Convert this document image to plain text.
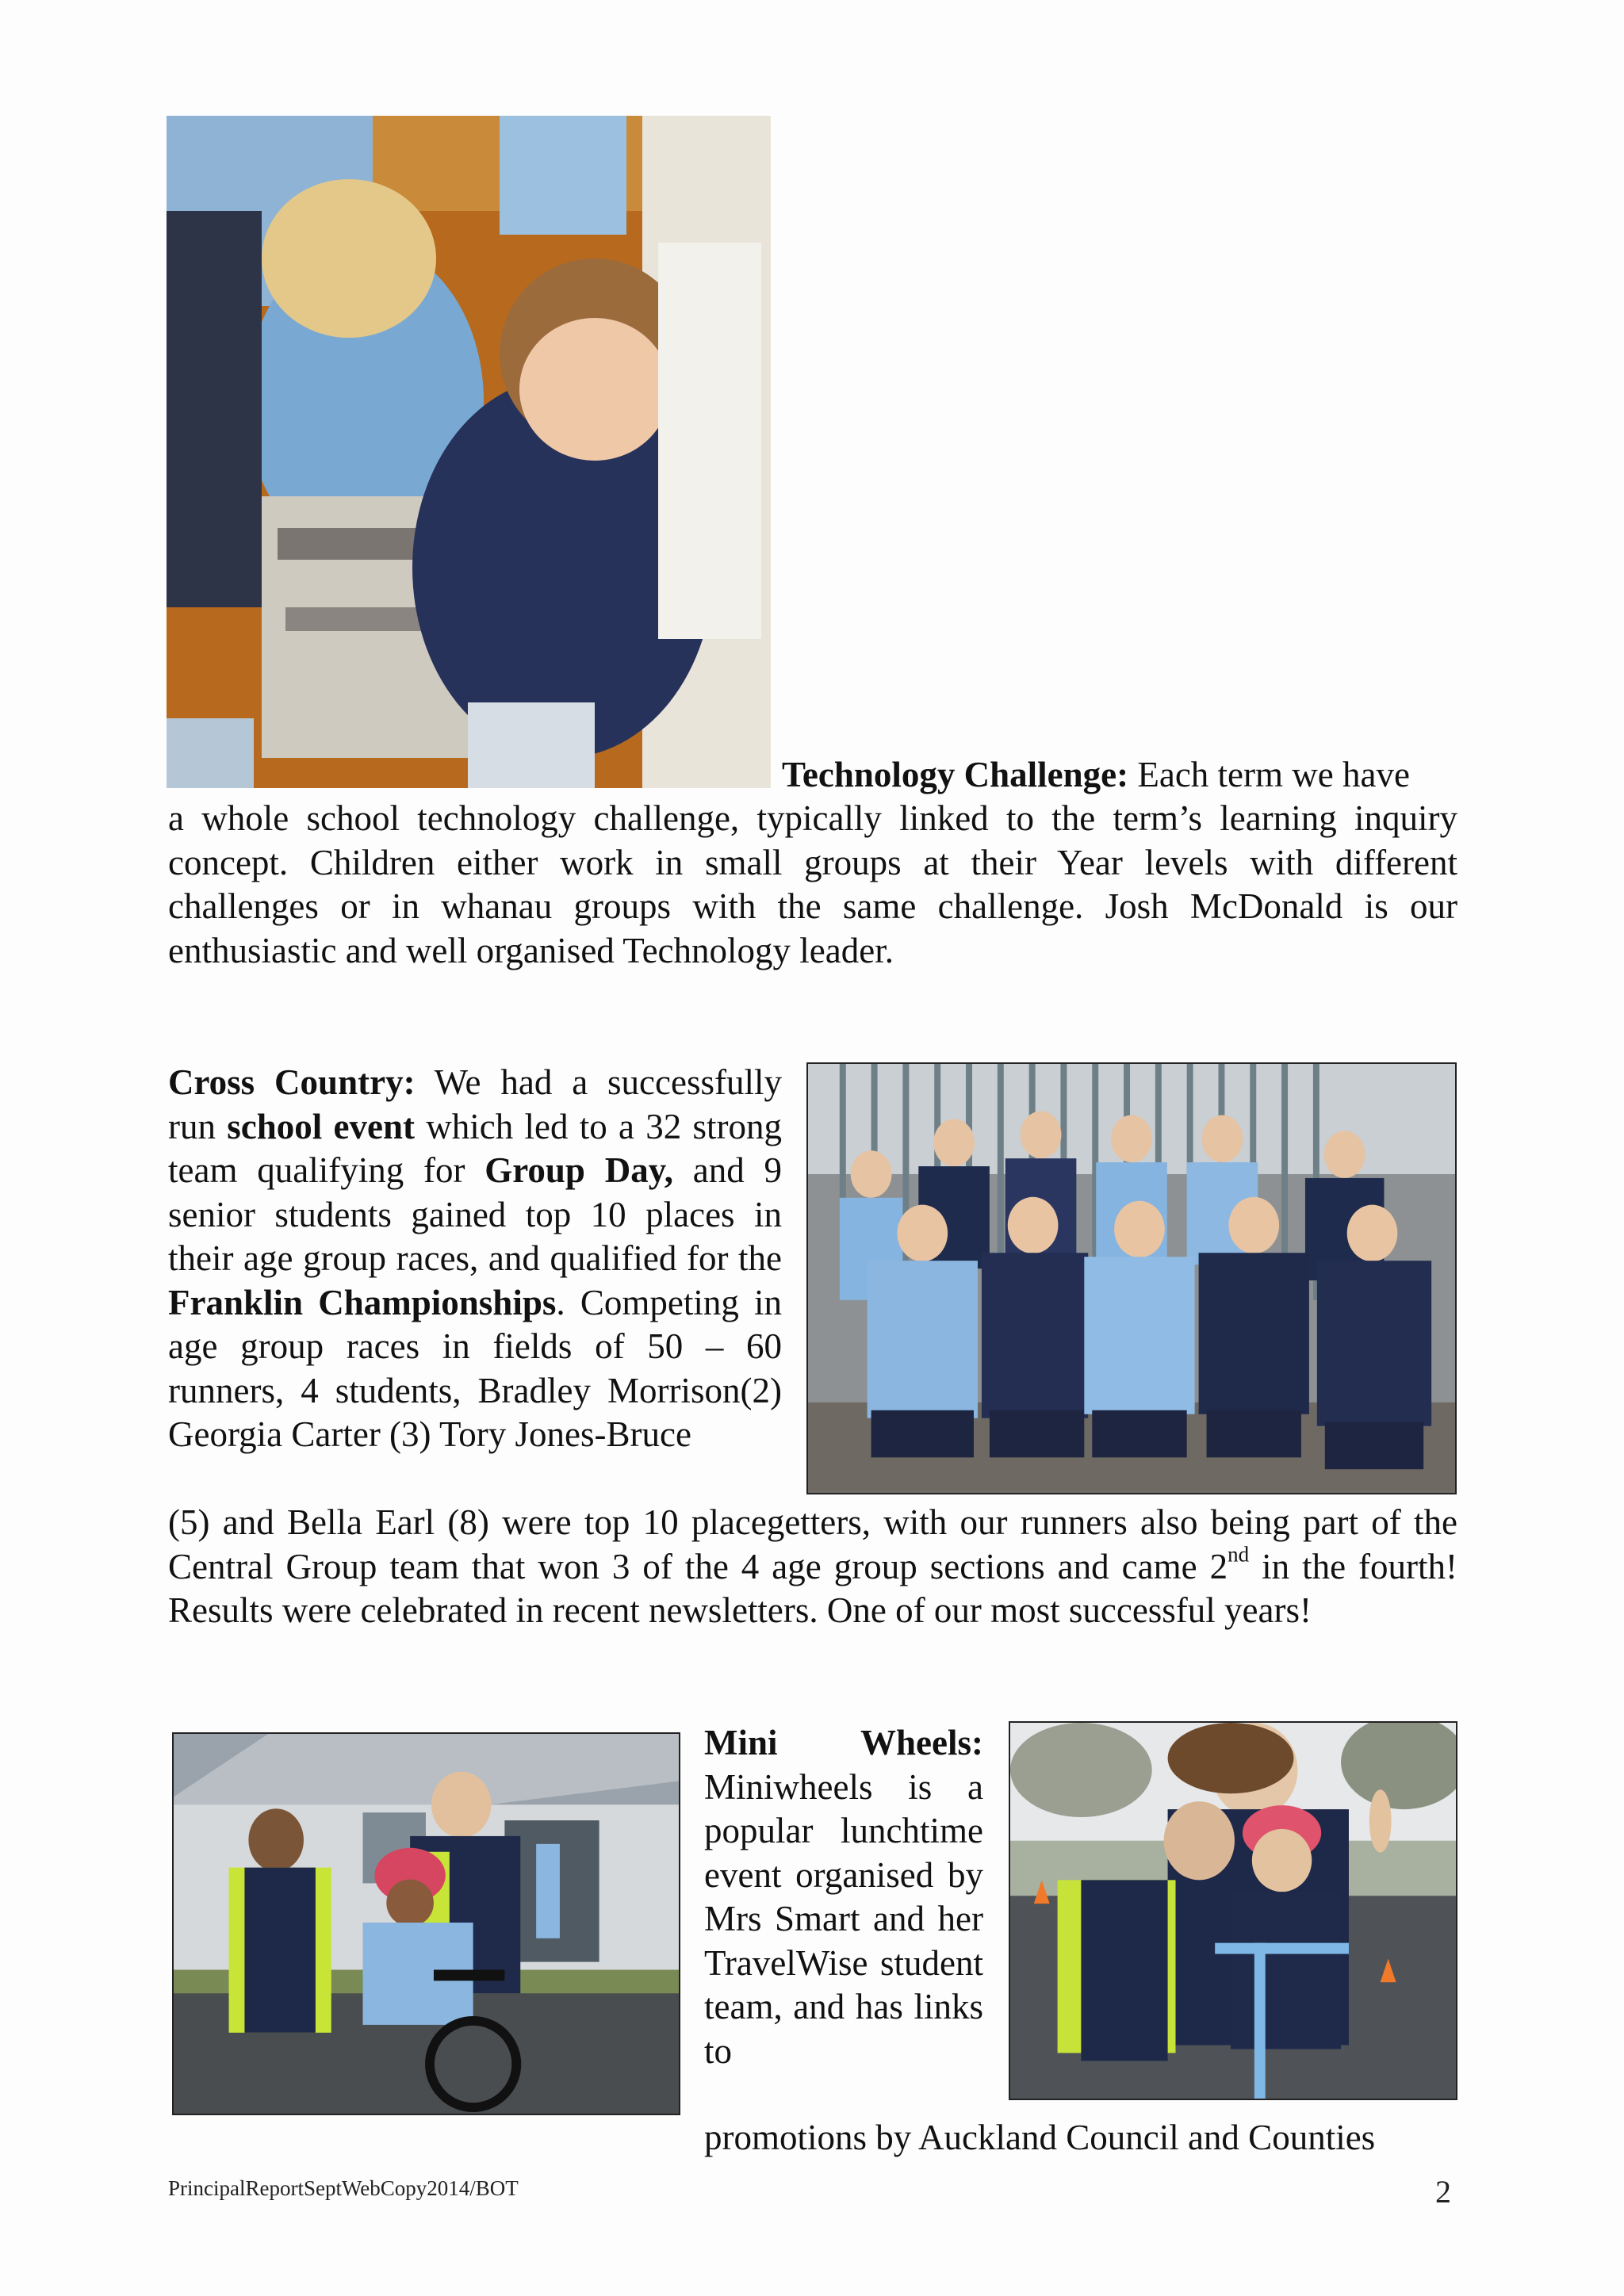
Technology Challenge: Each term we have

a whole school technology challenge, typically linked to the term’s learning inquiry concept. Children either work in small groups at their Year levels with different challenges or in whanau groups with the same challenge. Josh McDonald is our enthusiastic and well organised Technology leader.

Cross Country: We had a successfully run school event which led to a 32 strong team qualifying for Group Day, and 9 senior students gained top 10 places in their age group races, and qualified for the Franklin Championships. Competing in age group races in fields of 50 – 60 runners, 4 students, Bradley Morrison(2) Georgia Carter (3) Tory Jones-Bruce

(5) and Bella Earl (8) were top 10 placegetters, with our runners also being part of the Central Group team that won 3 of the 4 age group sections and came 2nd in the fourth! Results were celebrated in recent newsletters. One of our most successful years!

Mini Wheels: Miniwheels is a popular lunchtime event organised by Mrs Smart and her TravelWise student team, and has links to

promotions by Auckland Council and Counties

PrincipalReportSeptWebCopy2014/BOT	2
